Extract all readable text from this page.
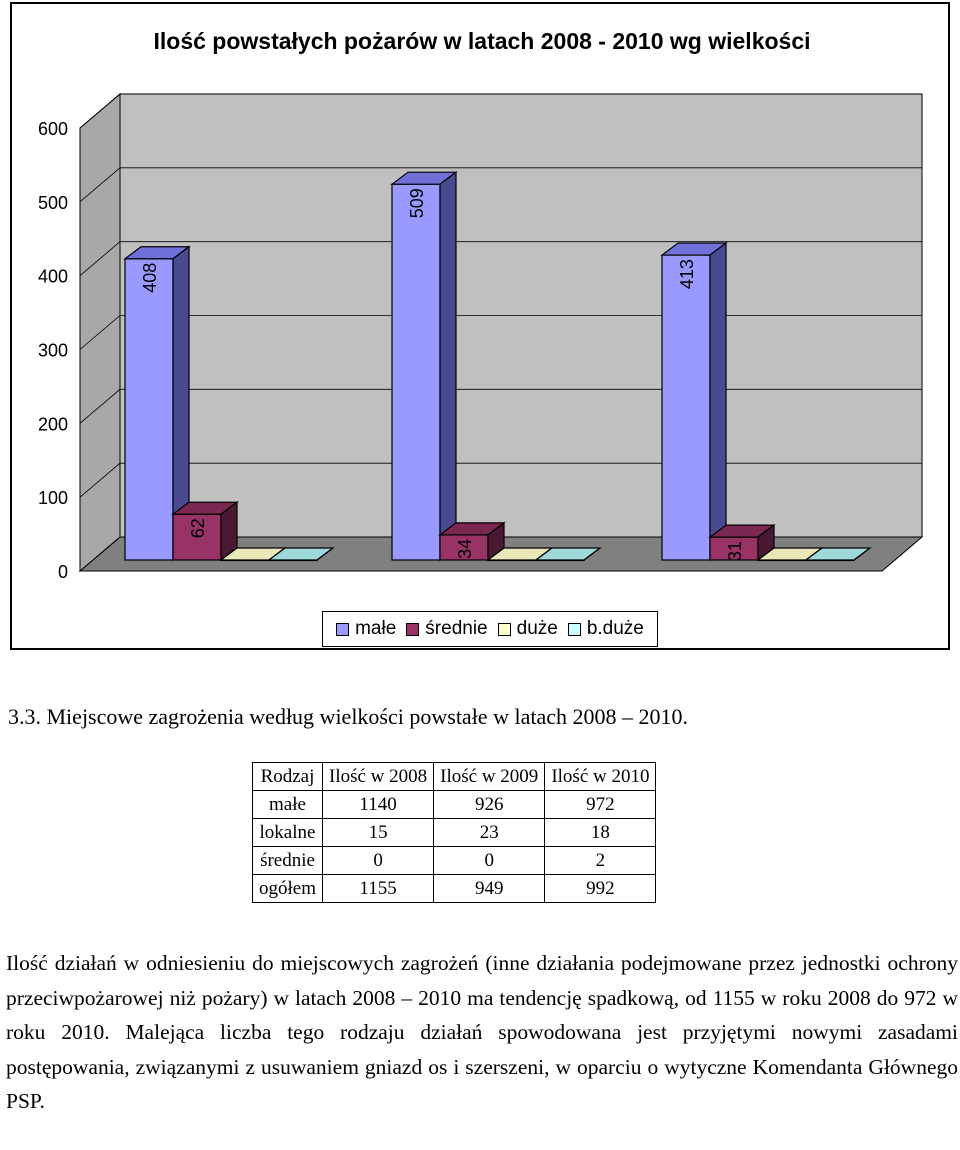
0
100
200
300
400
500
600
Ilość powstałych pożarów w latach 2008 - 2010 wg wielkości
408
62
509
34
413
31
małe średnie duże b.duże

3.3. Miejscowe zagrożenia według wielkości powstałe w latach 2008 – 2010.

Rodzaj	Ilość w 2008	Ilość w 2009	Ilość w 2010
małe	1140	926	972
lokalne	15	23	18
średnie	0	0	2
ogółem	1155	949	992

Ilość działań w odniesieniu do miejscowych zagrożeń (inne działania podejmowane przez jednostki ochrony przeciwpożarowej niż pożary) w latach 2008 – 2010 ma tendencję spadkową, od 1155 w roku 2008 do 972 w roku 2010. Malejąca liczba tego rodzaju działań spowodowana jest przyjętymi nowymi zasadami postępowania, związanymi z usuwaniem gniazd os i szerszeni, w oparciu o wytyczne Komendanta Głównego PSP.
